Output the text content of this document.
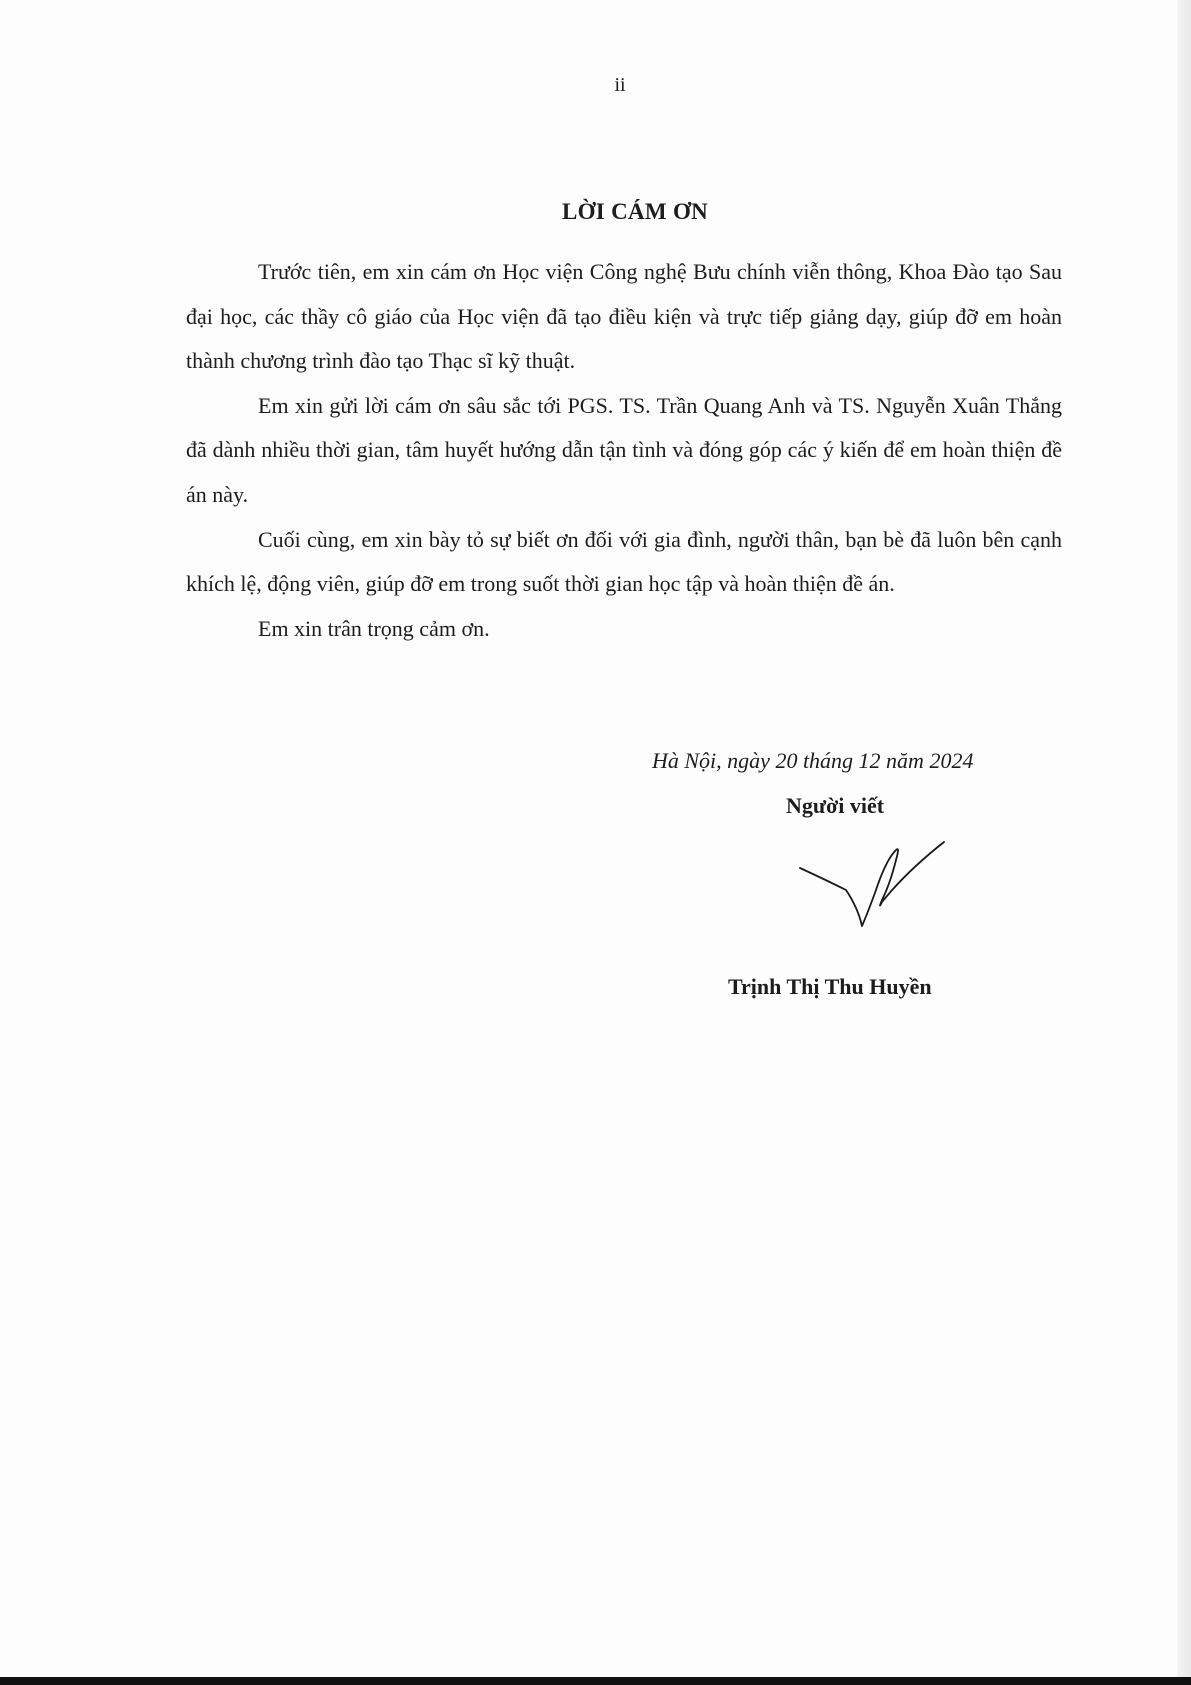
ii
LỜI CÁM ƠN

Trước tiên, em xin cám ơn Học viện Công nghệ Bưu chính viễn thông, Khoa Đào tạo Sau đại học, các thầy cô giáo của Học viện đã tạo điều kiện và trực tiếp giảng dạy, giúp đỡ em hoàn thành chương trình đào tạo Thạc sĩ kỹ thuật.

Em xin gửi lời cám ơn sâu sắc tới PGS. TS. Trần Quang Anh và TS. Nguyễn Xuân Thắng đã dành nhiều thời gian, tâm huyết hướng dẫn tận tình và đóng góp các ý kiến để em hoàn thiện đề án này.

Cuối cùng, em xin bày tỏ sự biết ơn đối với gia đình, người thân, bạn bè đã luôn bên cạnh khích lệ, động viên, giúp đỡ em trong suốt thời gian học tập và hoàn thiện đề án.

Em xin trân trọng cảm ơn.

Hà Nội, ngày 20 tháng 12 năm 2024
Người viết
Trịnh Thị Thu Huyền
